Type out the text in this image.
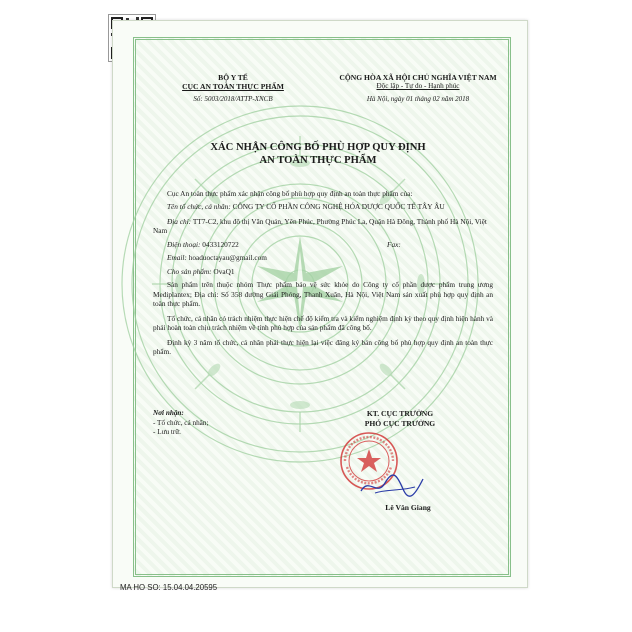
BỘ Y TẾ

CỤC AN TOÀN THỰC PHẨM

Số: 5003/2018/ATTP-XNCB

CỘNG HÒA XÃ HỘI CHỦ NGHĨA VIỆT NAM

Độc lập - Tự do - Hạnh phúc

Hà Nội, ngày 01 tháng 02 năm 2018

XÁC NHẬN CÔNG BỐ PHÙ HỢP QUY ĐỊNH

AN TOÀN THỰC PHẨM

Cục An toàn thực phẩm xác nhận công bố phù hợp quy định an toàn thực phẩm của:

Tên tổ chức, cá nhân: CÔNG TY CỔ PHẦN CÔNG NGHỆ HÓA DƯỢC QUỐC TẾ TÂY ÂU

Địa chỉ: TT7-C2, khu đô thị Văn Quán, Yên Phúc, Phường Phúc La, Quận Hà Đông, Thành phố Hà Nội, Việt Nam

Điện thoại: 0433120722	Fax:

Email: hoaduoctayau@gmail.com

Cho sản phẩm: OvaQ1

Sản phẩm trên thuộc nhóm Thực phẩm bảo vệ sức khỏe do Công ty cổ phần dược phẩm trung ương Mediplantex; Địa chỉ: Số 358 đường Giải Phóng, Thanh Xuân, Hà Nội, Việt Nam sản xuất phù hợp quy định an toàn thực phẩm.

Tổ chức, cá nhân có trách nhiệm thực hiện chế độ kiểm tra và kiểm nghiệm định kỳ theo quy định hiện hành và phải hoàn toàn chịu trách nhiệm về tính phù hợp của sản phẩm đã công bố.

Định kỳ 3 năm tổ chức, cá nhân phải thực hiện lại việc đăng ký bản công bố phù hợp quy định an toàn thực phẩm.

Nơi nhận:

- Tổ chức, cá nhân;

- Lưu trữ.

KT. CỤC TRƯỞNG

PHÓ CỤC TRƯỞNG

Lê Văn Giang
MA HO SO: 15.04.04.20595
